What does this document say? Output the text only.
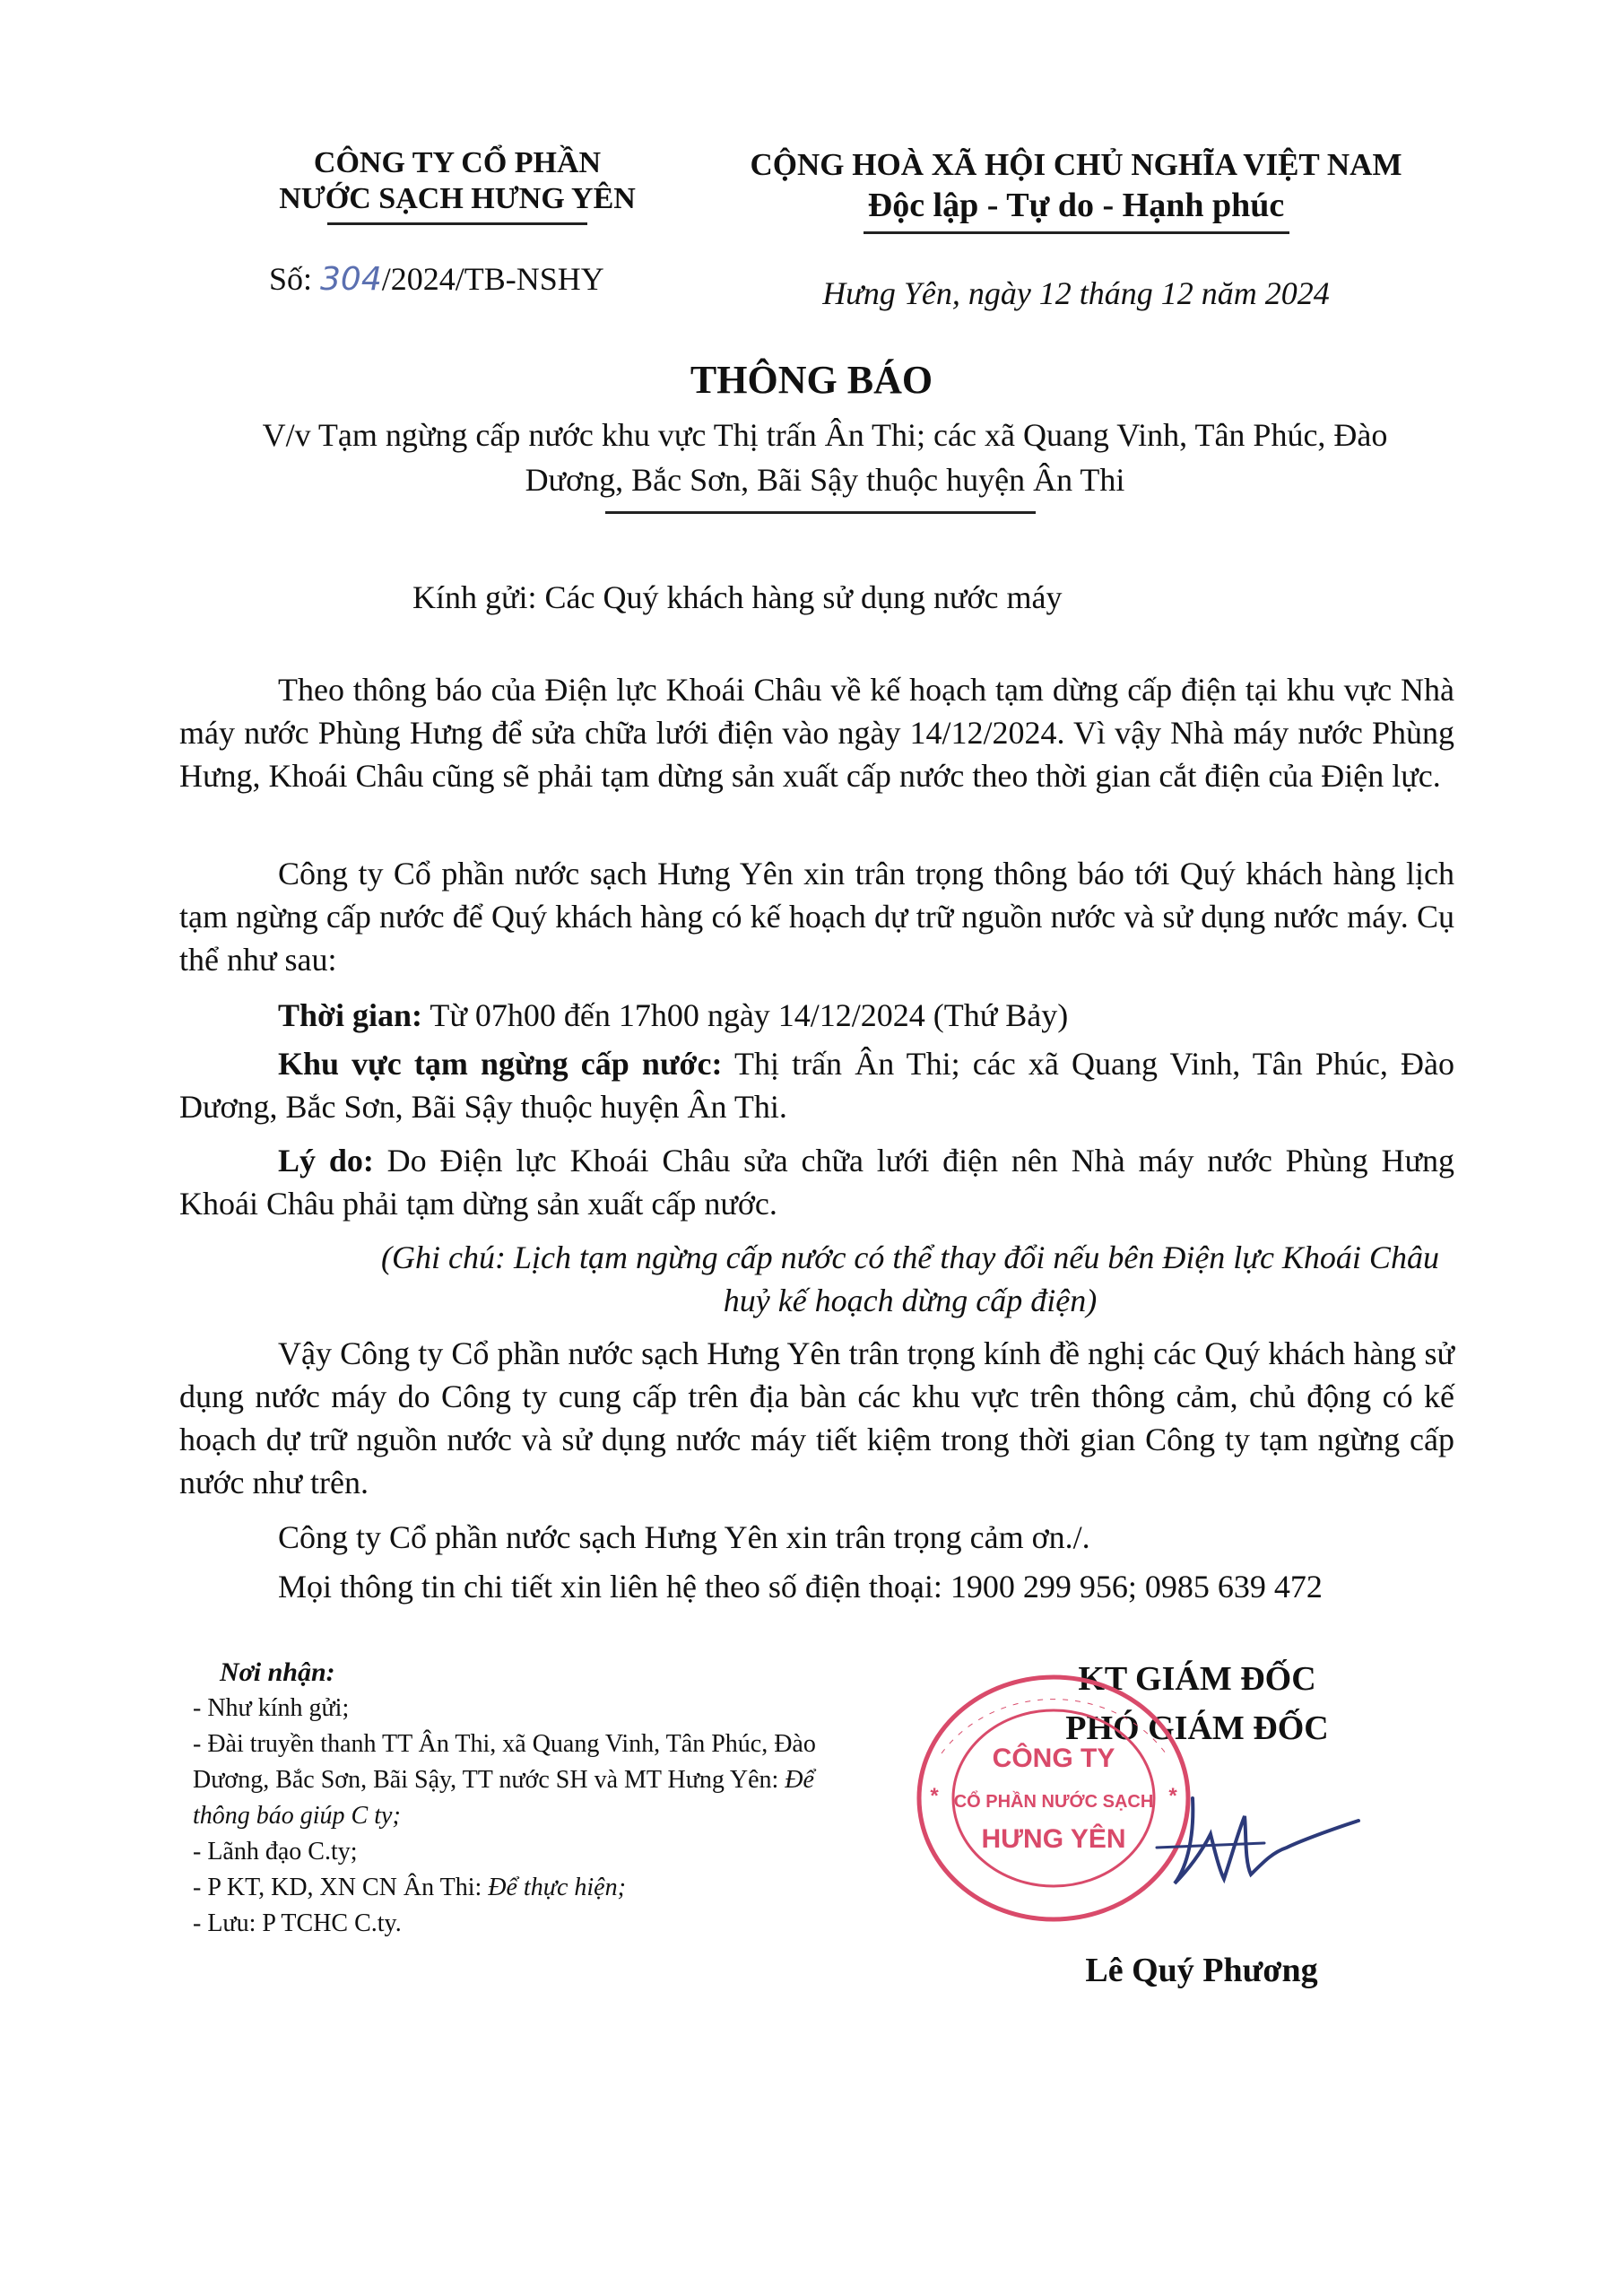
CÔNG TY CỔ PHẦN
NƯỚC SẠCH HƯNG YÊN
Số: 304/2024/TB-NSHY
CỘNG HOÀ XÃ HỘI CHỦ NGHĨA VIỆT NAM
Độc lập - Tự do - Hạnh phúc
Hưng Yên, ngày 12 tháng 12 năm 2024
THÔNG BÁO
V/v Tạm ngừng cấp nước khu vực Thị trấn Ân Thi; các xã Quang Vinh, Tân Phúc, Đào
Dương, Bắc Sơn, Bãi Sậy thuộc huyện Ân Thi
Kính gửi: Các Quý khách hàng sử dụng nước máy
Theo thông báo của Điện lực Khoái Châu về kế hoạch tạm dừng cấp điện tại khu vực Nhà máy nước Phùng Hưng để sửa chữa lưới điện vào ngày 14/12/2024. Vì vậy Nhà máy nước Phùng Hưng, Khoái Châu cũng sẽ phải tạm dừng sản xuất cấp nước theo thời gian cắt điện của Điện lực.
Công ty Cổ phần nước sạch Hưng Yên xin trân trọng thông báo tới Quý khách hàng lịch tạm ngừng cấp nước để Quý khách hàng có kế hoạch dự trữ nguồn nước và sử dụng nước máy. Cụ thể như sau:
Thời gian: Từ 07h00 đến 17h00 ngày 14/12/2024 (Thứ Bảy)
Khu vực tạm ngừng cấp nước: Thị trấn Ân Thi; các xã Quang Vinh, Tân Phúc, Đào Dương, Bắc Sơn, Bãi Sậy thuộc huyện Ân Thi.
Lý do: Do Điện lực Khoái Châu sửa chữa lưới điện nên Nhà máy nước Phùng Hưng Khoái Châu phải tạm dừng sản xuất cấp nước.
(Ghi chú: Lịch tạm ngừng cấp nước có thể thay đổi nếu bên Điện lực Khoái Châu huỷ kế hoạch dừng cấp điện)
Vậy Công ty Cổ phần nước sạch Hưng Yên trân trọng kính đề nghị các Quý khách hàng sử dụng nước máy do Công ty cung cấp trên địa bàn các khu vực trên thông cảm, chủ động có kế hoạch dự trữ nguồn nước và sử dụng nước máy tiết kiệm trong thời gian Công ty tạm ngừng cấp nước như trên.
Công ty Cổ phần nước sạch Hưng Yên xin trân trọng cảm ơn./.
Mọi thông tin chi tiết xin liên hệ theo số điện thoại: 1900 299 956; 0985 639 472
Nơi nhận:
- Như kính gửi;
- Đài truyền thanh TT Ân Thi, xã Quang Vinh, Tân Phúc, Đào Dương, Bắc Sơn, Bãi Sậy, TT nước SH và MT Hưng Yên: Để thông báo giúp C ty;
- Lãnh đạo C.ty;
- P KT, KD, XN CN Ân Thi: Để thực hiện;
- Lưu: P TCHC C.ty.
KT GIÁM ĐỐC
PHÓ GIÁM ĐỐC
CÔNG TY
CỔ PHẦN NƯỚC SẠCH
HƯNG YÊN
*	*
Lê Quý Phương
